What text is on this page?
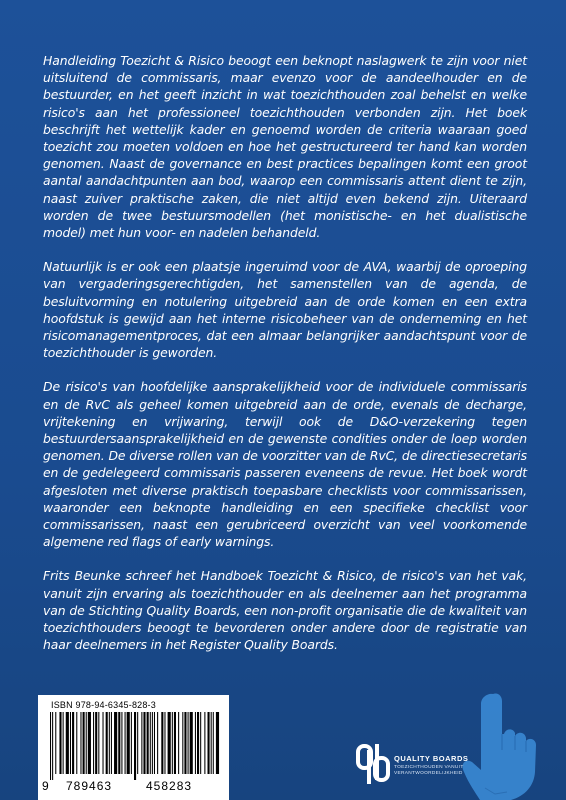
Handleiding Toezicht & Risico beoogt een beknopt naslagwerk te zijn voor niet uitsluitend de commissaris, maar evenzo voor de aandeelhouder en de bestuurder, en het geeft inzicht in wat toezichthouden zoal behelst en welke risico's aan het professioneel toezichthouden verbonden zijn. Het boek beschrijft het wettelijk kader en genoemd worden de criteria waaraan goed toezicht zou moeten voldoen en hoe het gestructureerd ter hand kan worden genomen. Naast de governance en best practices bepalingen komt een groot aantal aandachtpunten aan bod, waarop een commissaris attent dient te zijn, naast zuiver praktische zaken, die niet altijd even bekend zijn. Uiteraard worden de twee bestuursmodellen (het monistische- en het dualistische model) met hun voor- en nadelen behandeld.

Natuurlijk is er ook een plaatsje ingeruimd voor de AVA, waarbij de oproeping van vergaderingsgerechtigden, het samenstellen van de agenda, de besluitvorming en notulering uitgebreid aan de orde komen en een extra hoofdstuk is gewijd aan het interne risicobeheer van de onderneming en het risicomanagementproces, dat een almaar belangrijker aandachtspunt voor de toezichthouder is geworden.

De risico's van hoofdelijke aansprakelijkheid voor de individuele commissaris en de RvC als geheel komen uitgebreid aan de orde, evenals de decharge, vrijtekening en vrijwaring, terwijl ook de D&O-verzekering tegen bestuurdersaansprakelijkheid en de gewenste condities onder de loep worden genomen. De diverse rollen van de voorzitter van de RvC, de directiesecretaris en de gedelegeerd commissaris passeren eveneens de revue. Het boek wordt afgesloten met diverse praktisch toepasbare checklists voor commissarissen, waaronder een beknopte handleiding en een specifieke checklist voor commissarissen, naast een gerubriceerd overzicht van veel voorkomende algemene red flags of early warnings.

Frits Beunke schreef het Handboek Toezicht & Risico, de risico's van het vak, vanuit zijn ervaring als toezichthouder en als deelnemer aan het programma van de Stichting Quality Boards, een non-profit organisatie die de kwaliteit van toezichthouders beoogt te bevorderen onder andere door de registratie van haar deelnemers in het Register Quality Boards.

ISBN 978-94-6345-828-3
9 789463	458283
QUALITY BOARDS
TOEZICHTHOUDEN VANUIT VERANTWOORDELIJKHEID
